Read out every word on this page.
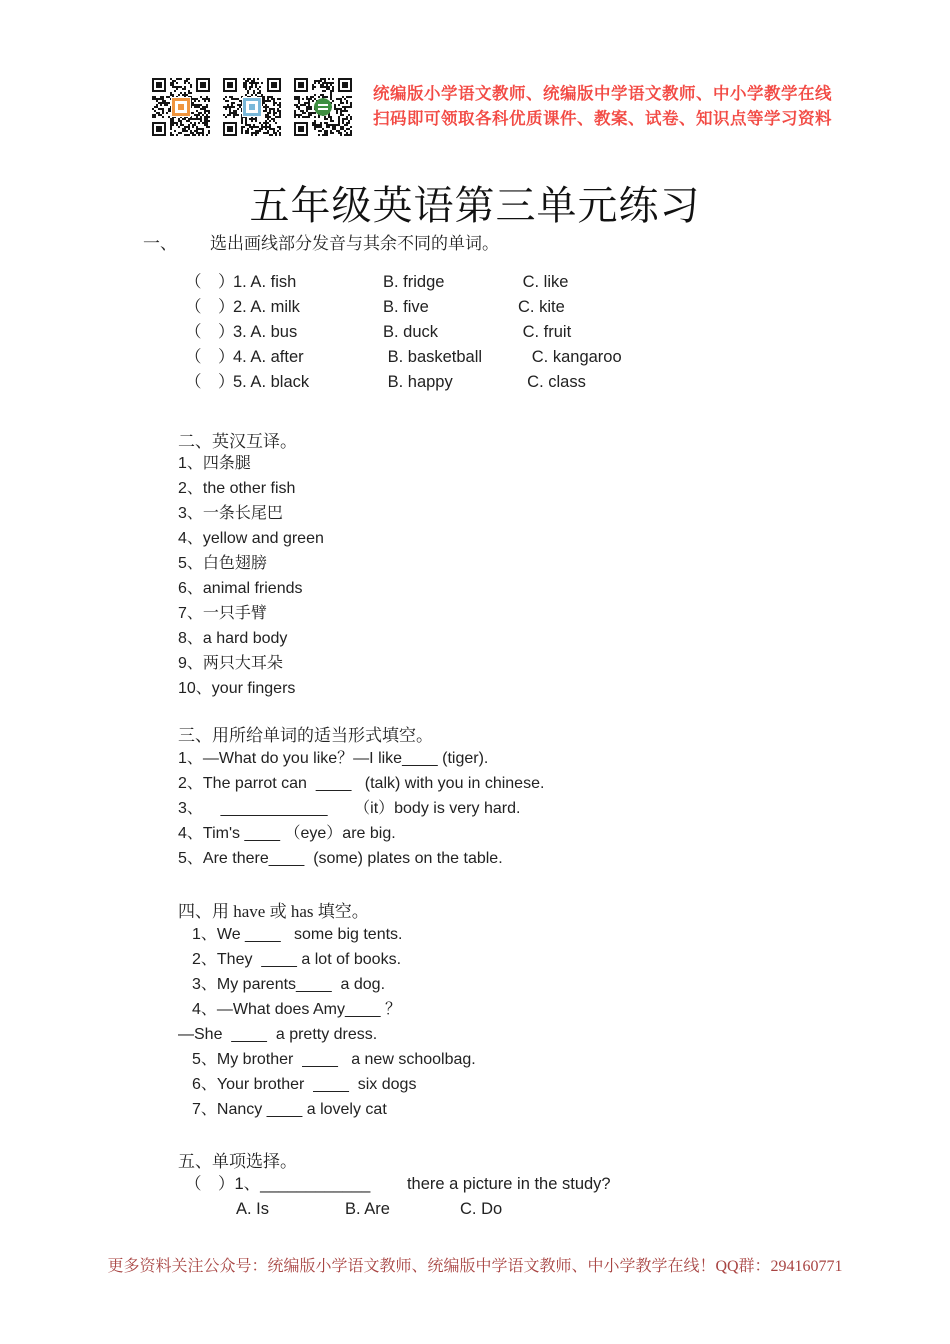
统编版小学语文教师、统编版中学语文教师、中小学教学在线
扫码即可领取各科优质课件、教案、试卷、知识点等学习资料
五年级英语第三单元练习
一、 选出画线部分发音与其余不同的单词。
（　）
1. A. fish	B. fridge	C. like
（　）
2. A. milk	B. five	C. kite
（　）
3. A. bus	B. duck	C. fruit
（　）
4. A. after	B. basketball	C. kangaroo
（　）
5. A. black	B. happy	C. class
二、英汉互译。
1、四条腿
2、the other fish
3、一条长尾巴
4、yellow and green
5、白色翅膀
6、animal friends
7、一只手臂
8、a hard body
9、两只大耳朵
10、your fingers
三、用所给单词的适当形式填空。
1、—What do you like？—I like____ (tiger).
2、The parrot can  ____   (talk) with you in chinese.
3、    ____________      （it）body is very hard.
4、Tim's ____ （eye）are big.
5、Are there____  (some) plates on the table.
四、用 have 或 has 填空。
1、We ____   some big tents.
2、They  ____ a lot of books.
3、My parents____  a dog.
4、—What does Amy____ ？
—She  ____  a pretty dress.
5、My brother  ____   a new schoolbag.
6、Your brother  ____  six dogs
7、Nancy ____ a lovely cat
五、单项选择。
（　）1、____________        there a picture in the study?
A. Is	B. Are	C. Do
更多资料关注公众号：统编版小学语文教师、统编版中学语文教师、中小学教学在线！QQ群：294160771
